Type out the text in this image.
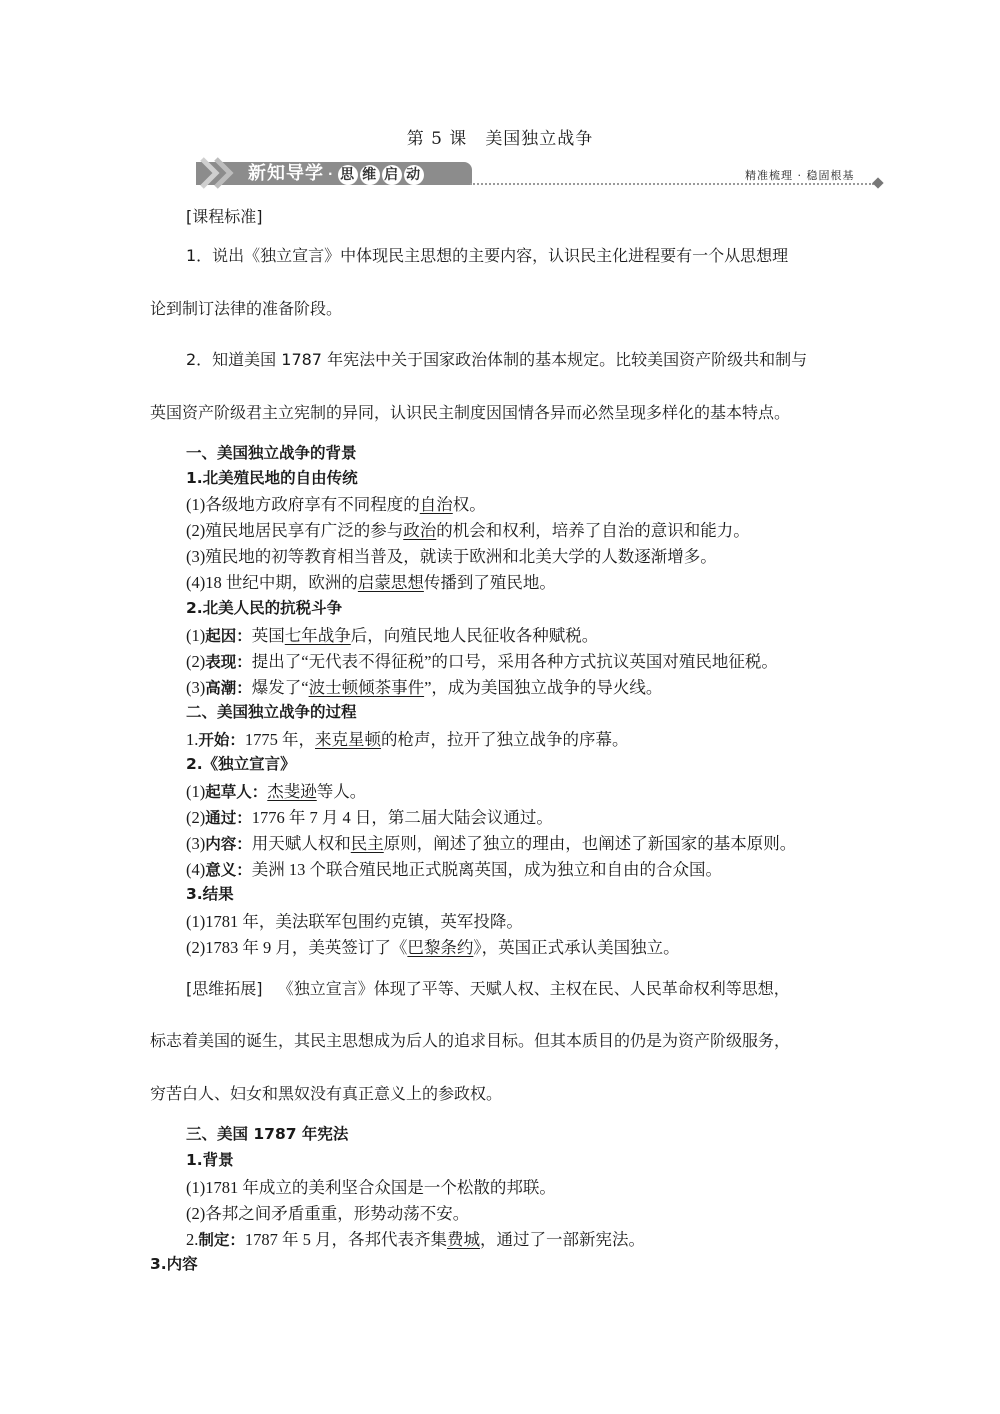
第 5 课 美国独立战争
新知导学 · 思 维 启 动	精准梳理 · 稳固根基
[课程标准]
1．说出《独立宣言》中体现民主思想的主要内容，认识民主化进程要有一个从思想理
论到制订法律的准备阶段。
2．知道美国 1787 年宪法中关于国家政治体制的基本规定。比较美国资产阶级共和制与
英国资产阶级君主立宪制的异同，认识民主制度因国情各异而必然呈现多样化的基本特点。
一、美国独立战争的背景
1.北美殖民地的自由传统
(1)各级地方政府享有不同程度的自治权。
(2)殖民地居民享有广泛的参与政治的机会和权利，培养了自治的意识和能力。
(3)殖民地的初等教育相当普及，就读于欧洲和北美大学的人数逐渐增多。
(4)18 世纪中期，欧洲的启蒙思想传播到了殖民地。
2.北美人民的抗税斗争
(1)起因：英国七年战争后，向殖民地人民征收各种赋税。
(2)表现：提出了“无代表不得征税”的口号，采用各种方式抗议英国对殖民地征税。
(3)高潮：爆发了“波士顿倾茶事件”，成为美国独立战争的导火线。
二、美国独立战争的过程
1.开始：1775 年，来克星顿的枪声，拉开了独立战争的序幕。
2.《独立宣言》
(1)起草人：杰斐逊等人。
(2)通过：1776 年 7 月 4 日，第二届大陆会议通过。
(3)内容：用天赋人权和民主原则，阐述了独立的理由，也阐述了新国家的基本原则。
(4)意义：美洲 13 个联合殖民地正式脱离英国，成为独立和自由的合众国。
3.结果
(1)1781 年，美法联军包围约克镇，英军投降。
(2)1783 年 9 月，美英签订了《巴黎条约》，英国正式承认美国独立。
[思维拓展] 《独立宣言》体现了平等、天赋人权、主权在民、人民革命权利等思想，
标志着美国的诞生，其民主思想成为后人的追求目标。但其本质目的仍是为资产阶级服务，
穷苦白人、妇女和黑奴没有真正意义上的参政权。
三、美国 1787 年宪法
1.背景
(1)1781 年成立的美利坚合众国是一个松散的邦联。
(2)各邦之间矛盾重重，形势动荡不安。
2.制定：1787 年 5 月，各邦代表齐集费城，通过了一部新宪法。
3.内容
